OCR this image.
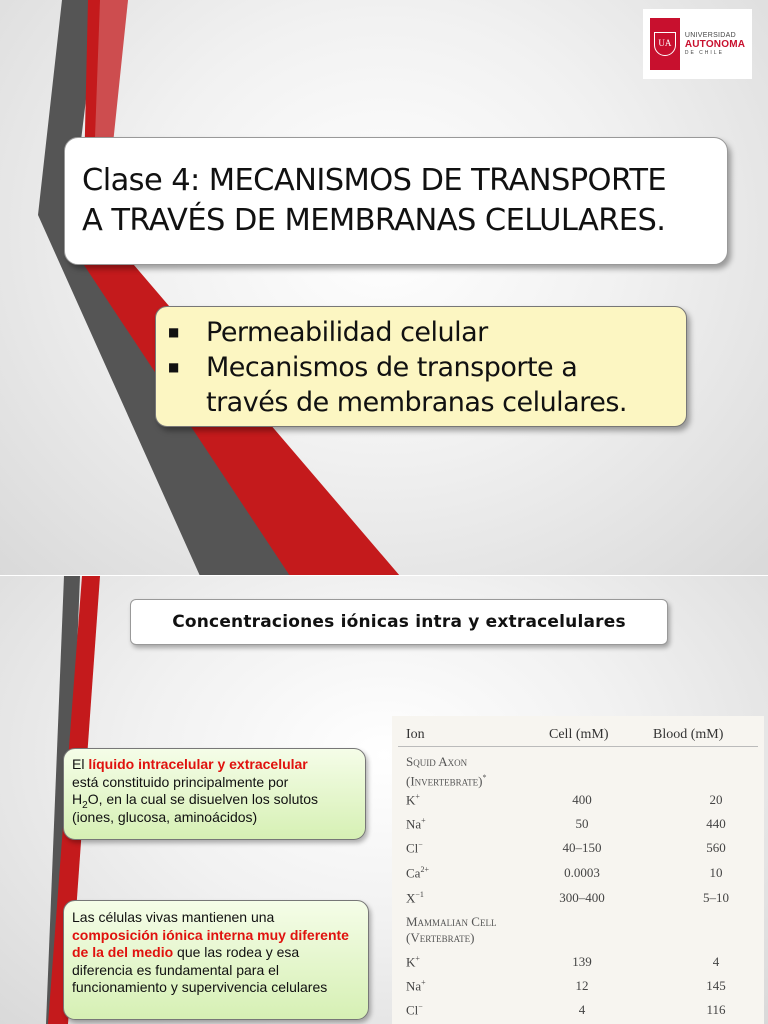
UA
UNIVERSIDAD
AUTONOMA
DE CHILE
Clase 4: MECANISMOS DE TRANSPORTE
A TRAVÉS DE MEMBRANAS CELULARES.
■	Permeabilidad celular
■	Mecanismos de transporte a
través de membranas celulares.
Concentraciones iónicas intra y extracelulares
El líquido intracelular y extracelular
está constituido principalmente por
$H_2O$, en la cual se disuelven los solutos
(iones, glucosa, aminoácidos)
Las células vivas mantienen una
composición iónica interna muy diferente de la del medio que las rodea y esa diferencia es fundamental para el funcionamiento y supervivencia celulares
Ion	Cell (mM)	Blood (mM)
Squid Axon
(Invertebrate)*
K+	400	20
Na+	50	440
Cl−	40–150	560
$Ca^{2+}$	0.0003	10
$X^{-1}$	300–400	5–10
Mammalian Cell
(Vertebrate)
K+	139	4
Na+	12	145
Cl−	4	116
